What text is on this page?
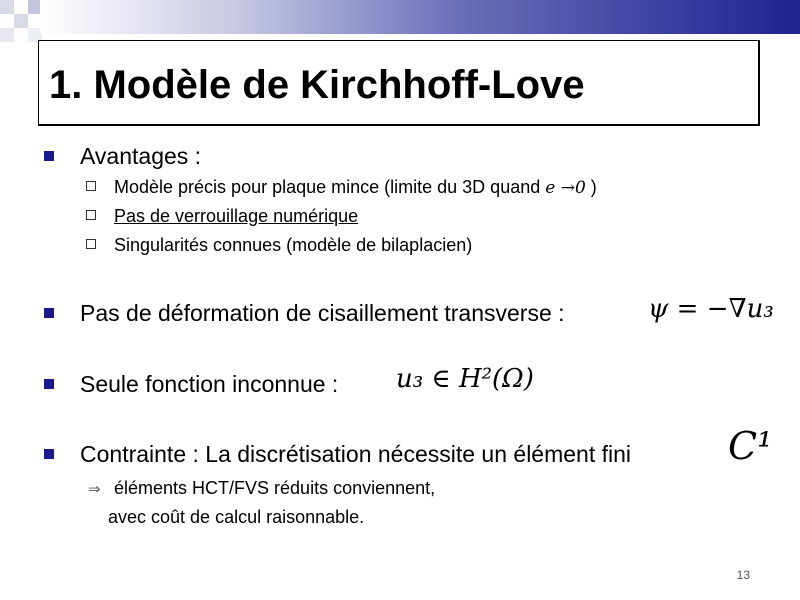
1. Modèle de Kirchhoff-Love
Avantages :
Modèle précis pour plaque mince (limite du 3D quand e →0 )
Pas de verrouillage numérique
Singularités connues (modèle de bilaplacien)
Pas de déformation de cisaillement transverse :	ψ = −∇u₃
Seule fonction inconnue : u₃ ∈ H²(Ω)
Contrainte : La discrétisation nécessite un élément fini	C¹
⇒ éléments HCT/FVS réduits conviennent,
avec coût de calcul raisonnable.
13
